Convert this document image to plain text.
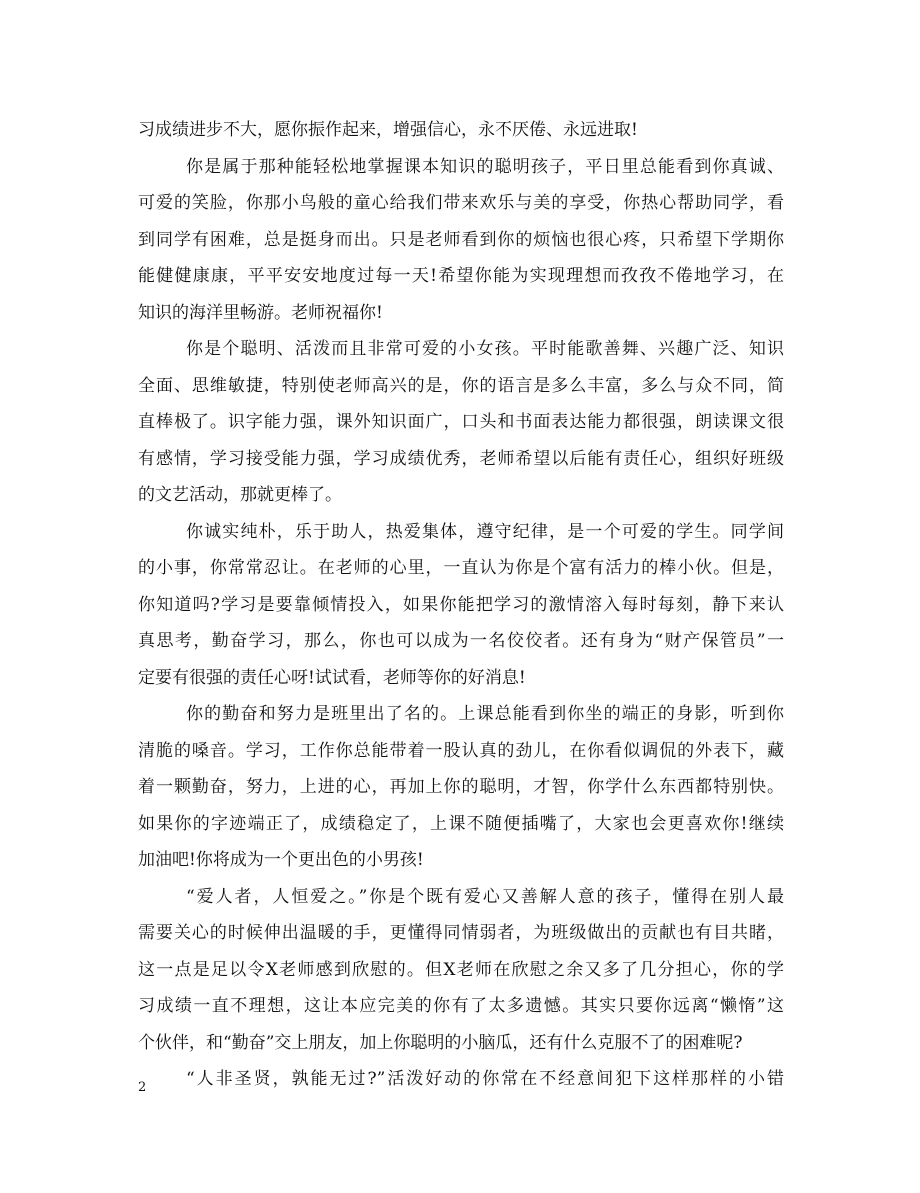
习成绩进步不大，愿你振作起来，增强信心，永不厌倦、永远进取!
你是属于那种能轻松地掌握课本知识的聪明孩子，平日里总能看到你真诚、
可爱的笑脸，你那小鸟般的童心给我们带来欢乐与美的享受，你热心帮助同学，看
到同学有困难，总是挺身而出。只是老师看到你的烦恼也很心疼，只希望下学期你
能健健康康，平平安安地度过每一天!希望你能为实现理想而孜孜不倦地学习，在
知识的海洋里畅游。老师祝福你!
你是个聪明、活泼而且非常可爱的小女孩。平时能歌善舞、兴趣广泛、知识
全面、思维敏捷，特别使老师高兴的是，你的语言是多么丰富，多么与众不同，简
直棒极了。识字能力强，课外知识面广，口头和书面表达能力都很强，朗读课文很
有感情，学习接受能力强，学习成绩优秀，老师希望以后能有责任心，组织好班级
的文艺活动，那就更棒了。
你诚实纯朴，乐于助人，热爱集体，遵守纪律，是一个可爱的学生。同学间
的小事，你常常忍让。在老师的心里，一直认为你是个富有活力的棒小伙。但是，
你知道吗?学习是要靠倾情投入，如果你能把学习的激情溶入每时每刻，静下来认
真思考，勤奋学习，那么，你也可以成为一名佼佼者。还有身为“财产保管员”一
定要有很强的责任心呀!试试看，老师等你的好消息!
你的勤奋和努力是班里出了名的。上课总能看到你坐的端正的身影，听到你
清脆的嗓音。学习，工作你总能带着一股认真的劲儿，在你看似调侃的外表下，藏
着一颗勤奋，努力，上进的心，再加上你的聪明，才智，你学什么东西都特别快。
如果你的字迹端正了，成绩稳定了，上课不随便插嘴了，大家也会更喜欢你!继续
加油吧!你将成为一个更出色的小男孩!
“爱人者，人恒爱之。”你是个既有爱心又善解人意的孩子，懂得在别人最
需要关心的时候伸出温暖的手，更懂得同情弱者，为班级做出的贡献也有目共睹，
这一点是足以令X老师感到欣慰的。但X老师在欣慰之余又多了几分担心，你的学
习成绩一直不理想，这让本应完美的你有了太多遗憾。其实只要你远离“懒惰”这
个伙伴，和“勤奋”交上朋友，加上你聪明的小脑瓜，还有什么克服不了的困难呢?
“人非圣贤，孰能无过?”活泼好动的你常在不经意间犯下这样那样的小错
2
